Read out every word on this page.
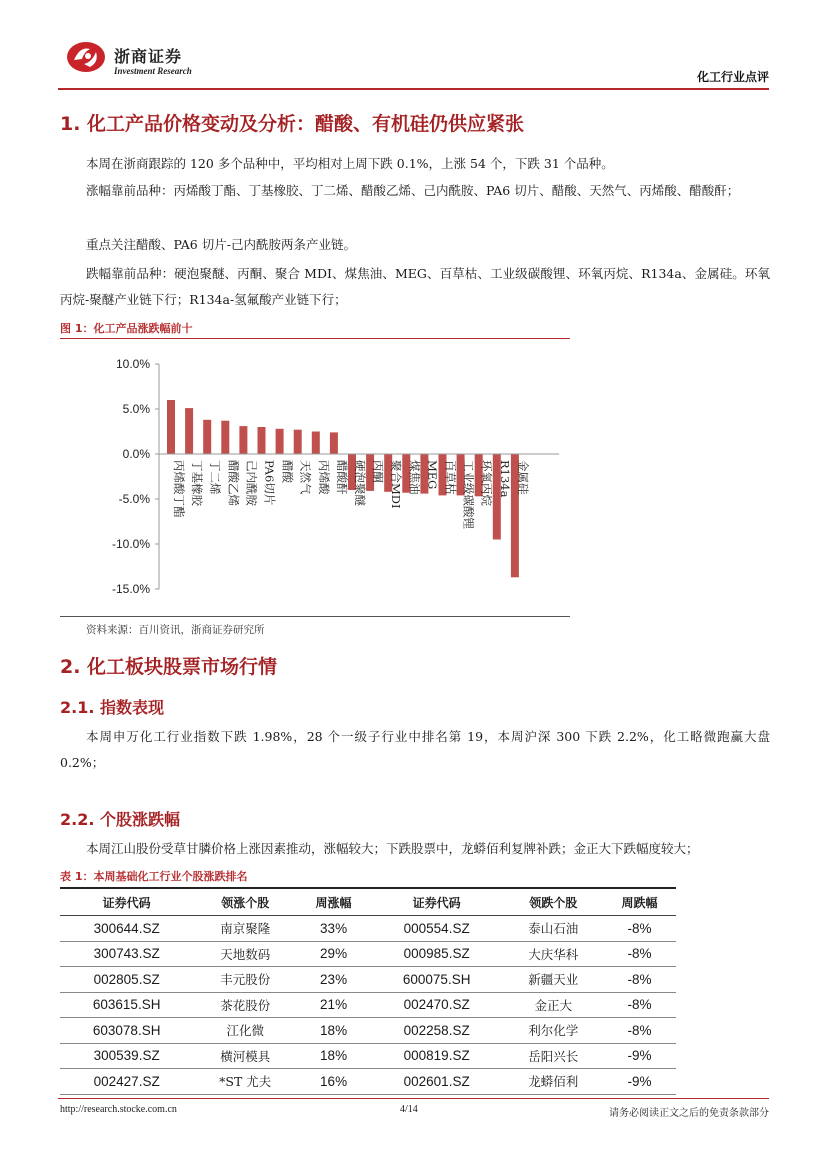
浙商证券
Investment Research	化工行业点评
1. 化工产品价格变动及分析：醋酸、有机硅仍供应紧张
本周在浙商跟踪的 120 多个品种中，平均相对上周下跌 0.1%，上涨 54 个，下跌 31 个品种。
涨幅靠前品种：丙烯酸丁酯、丁基橡胶、丁二烯、醋酸乙烯、己内酰胺、PA6 切片、醋酸、天然气、丙烯酸、醋酸酐；
重点关注醋酸、PA6 切片-己内酰胺两条产业链。
跌幅靠前品种：硬泡聚醚、丙酮、聚合 MDI、煤焦油、MEG、百草枯、工业级碳酸锂、环氧丙烷、R134a、金属硅。环氧丙烷-聚醚产业链下行；R134a-氢氟酸产业链下行；
图 1：化工产品涨跌幅前十
10.0%
5.0%
0.0%
-5.0%
-10.0%
-15.0%
丙烯酸丁酯 丁基橡胶 丁二烯 醋酸乙烯 己内酰胺 PA6切片 醋酸 天然气 丙烯酸 醋酸酐 硬泡聚醚 丙酮 聚合MDI 煤焦油 MEG 百草枯 工业级碳酸锂 环氧丙烷 R134a 金属硅
资料来源：百川资讯，浙商证券研究所
2. 化工板块股票市场行情
2.1. 指数表现
本周申万化工行业指数下跌 1.98%，28 个一级子行业中排名第 19，本周沪深 300 下跌 2.2%，化工略微跑赢大盘 0.2%；
2.2. 个股涨跌幅
本周江山股份受草甘膦价格上涨因素推动，涨幅较大；下跌股票中，龙蟒佰利复牌补跌；金正大下跌幅度较大；
表 1：本周基础化工行业个股涨跌排名
证券代码	领涨个股	周涨幅	证券代码	领跌个股	周跌幅
300644.SZ	南京聚隆	33%	000554.SZ	泰山石油	-8%
300743.SZ	天地数码	29%	000985.SZ	大庆华科	-8%
002805.SZ	丰元股份	23%	600075.SH	新疆天业	-8%
603615.SH	茶花股份	21%	002470.SZ	金正大	-8%
603078.SH	江化微	18%	002258.SZ	利尔化学	-8%
300539.SZ	横河模具	18%	000819.SZ	岳阳兴长	-9%
002427.SZ	*ST 尤夫	16%	002601.SZ	龙蟒佰利	-9%
http://research.stocke.com.cn	4/14	请务必阅读正文之后的免责条款部分
